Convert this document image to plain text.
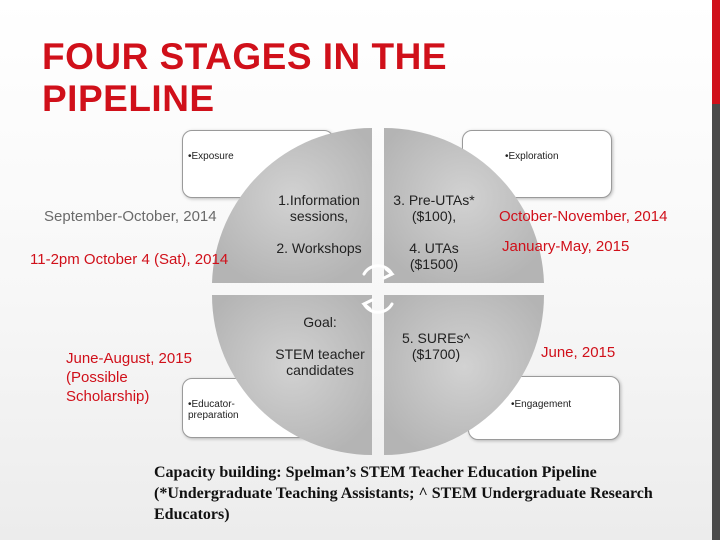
FOUR STAGES IN THE PIPELINE
•Exposure	•Exploration
•Educator-
preparation
•Engagement
1.Information sessions,

2. Workshops
3. Pre-UTAs* ($100),

4. UTAs ($1500)
Goal:

STEM teacher candidates
5. SUREs^ ($1700)
September-October, 2014
11-2pm October 4 (Sat), 2014
October-November, 2014
January-May, 2015
June-August, 2015
(Possible
Scholarship)
June, 2015
Capacity building: Spelman’s STEM Teacher Education Pipeline (*Undergraduate Teaching Assistants; ^ STEM Undergraduate Research Educators)
